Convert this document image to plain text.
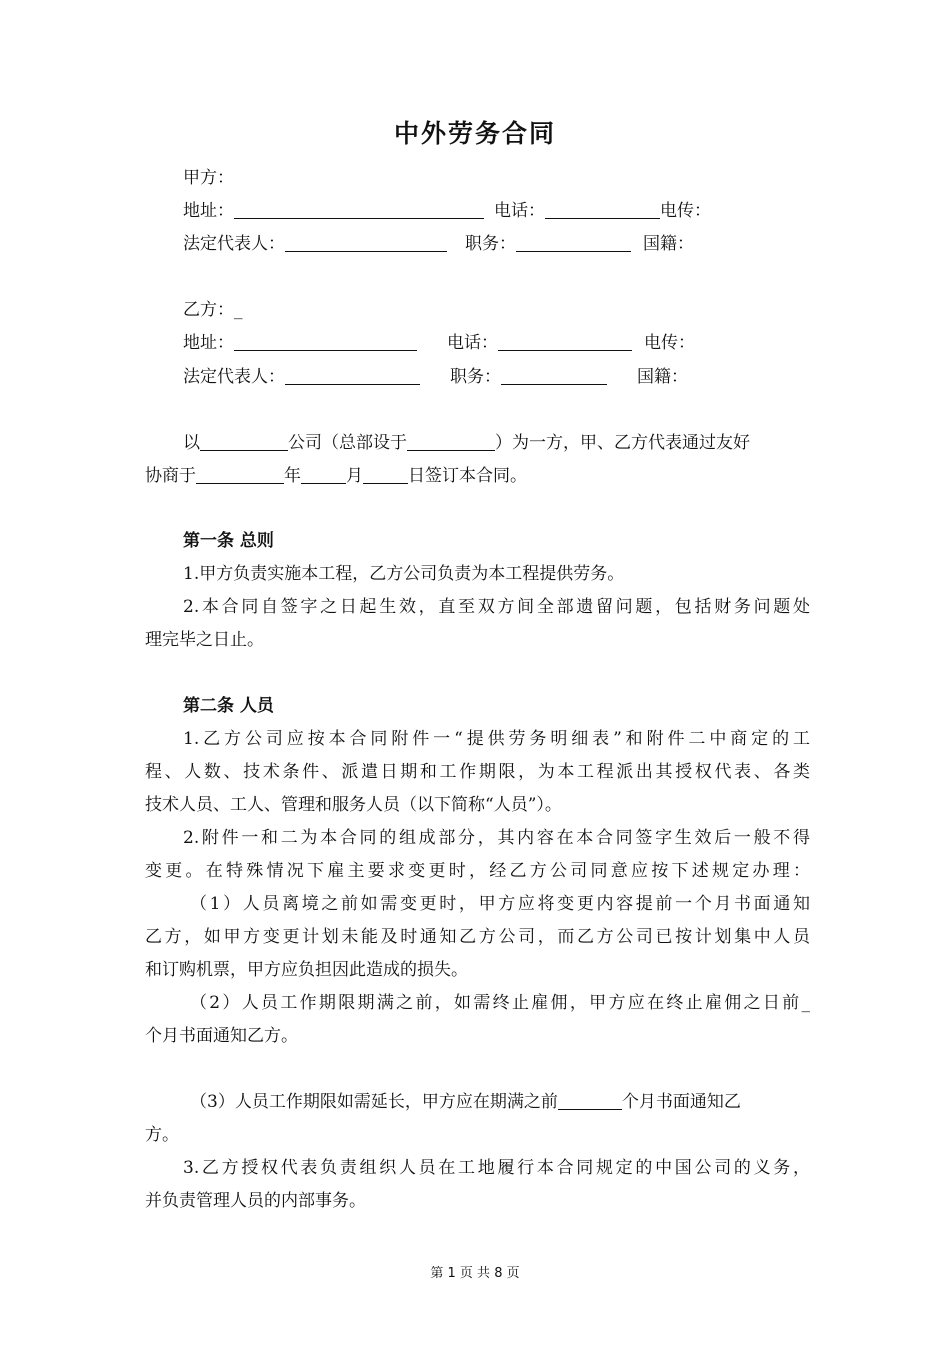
中外劳务合同
甲方：
地址：	电话：	电传：
法定代表人：	职务：	国籍：
乙方：_
地址：	电话：	电传：
法定代表人：	职务：	国籍：
以	公司（总部设于	）为一方，甲、乙方代表通过友好
协商于	年	月	日签订本合同。
第一条 总则
1.甲方负责实施本工程，乙方公司负责为本工程提供劳务。
2.本合同自签字之日起生效，直至双方间全部遗留问题，包括财务问题处
理完毕之日止。
第二条 人员
1.乙方公司应按本合同附件一“提供劳务明细表”和附件二中商定的工
程、人数、技术条件、派遣日期和工作期限，为本工程派出其授权代表、各类
技术人员、工人、管理和服务人员（以下简称“人员”）。
2.附件一和二为本合同的组成部分，其内容在本合同签字生效后一般不得
变更。在特殊情况下雇主要求变更时，经乙方公司同意应按下述规定办理：
（1）人员离境之前如需变更时，甲方应将变更内容提前一个月书面通知
乙方，如甲方变更计划未能及时通知乙方公司，而乙方公司已按计划集中人员
和订购机票，甲方应负担因此造成的损失。
（2）人员工作期限期满之前，如需终止雇佣，甲方应在终止雇佣之日前_
个月书面通知乙方。
（3）人员工作期限如需延长，甲方应在期满之前	个月书面通知乙
方。
3.乙方授权代表负责组织人员在工地履行本合同规定的中国公司的义务，
并负责管理人员的内部事务。
第 1 页 共 8 页
